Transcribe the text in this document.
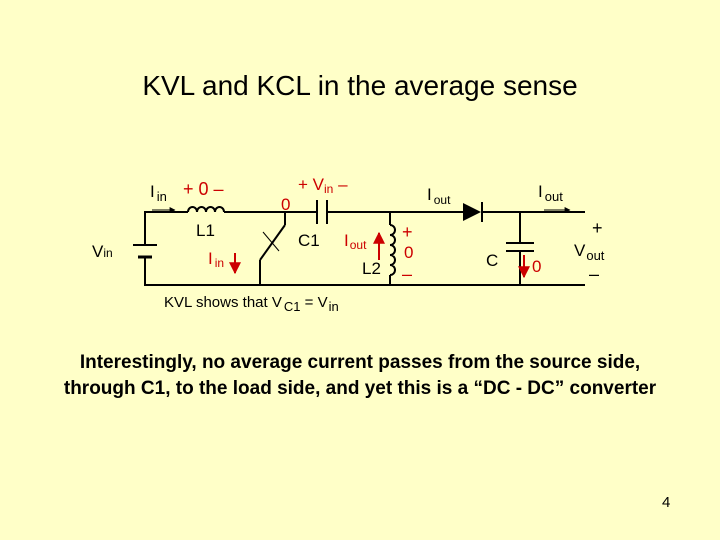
KVL and KCL in the average sense
Vin
I $_{in}$
L1
+ 0 –
I in
C1
+ Vin –
0
L2
Iout
+
0
–
I $_{out}$	I $_{out}$
C 0
+
$V_{out}$
–
KVL shows that V C1 = Vin
Interestingly, no average current passes from the source side,
through C1, to the load side, and yet this is a “DC - DC” converter
4
